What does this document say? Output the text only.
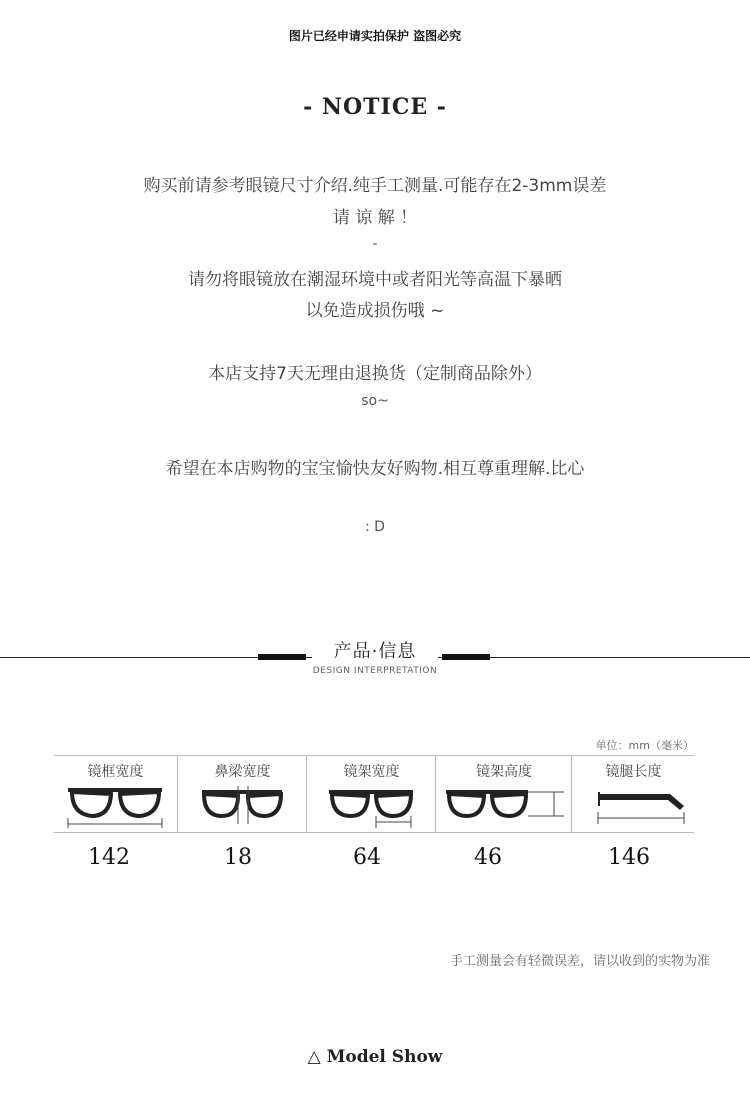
图片已经申请实拍保护 盗图必究
- NOTICE -
购买前请参考眼镜尺寸介绍.纯手工测量.可能存在2-3mm误差
请 谅 解 ！
-
请勿将眼镜放在潮湿环境中或者阳光等高温下暴晒
以免造成损伤哦 ~
本店支持7天无理由退换货（定制商品除外）
so~
希望在本店购物的宝宝愉快友好购物.相互尊重理解.比心
: D
产品·信息
DESIGN INTERPRETATION
单位：mm（毫米）
镜框宽度	鼻梁宽度	镜架宽度	镜架高度	镜腿长度
142	18	64	46	146
手工测量会有轻微误差，请以收到的实物为准
△ Model Show
